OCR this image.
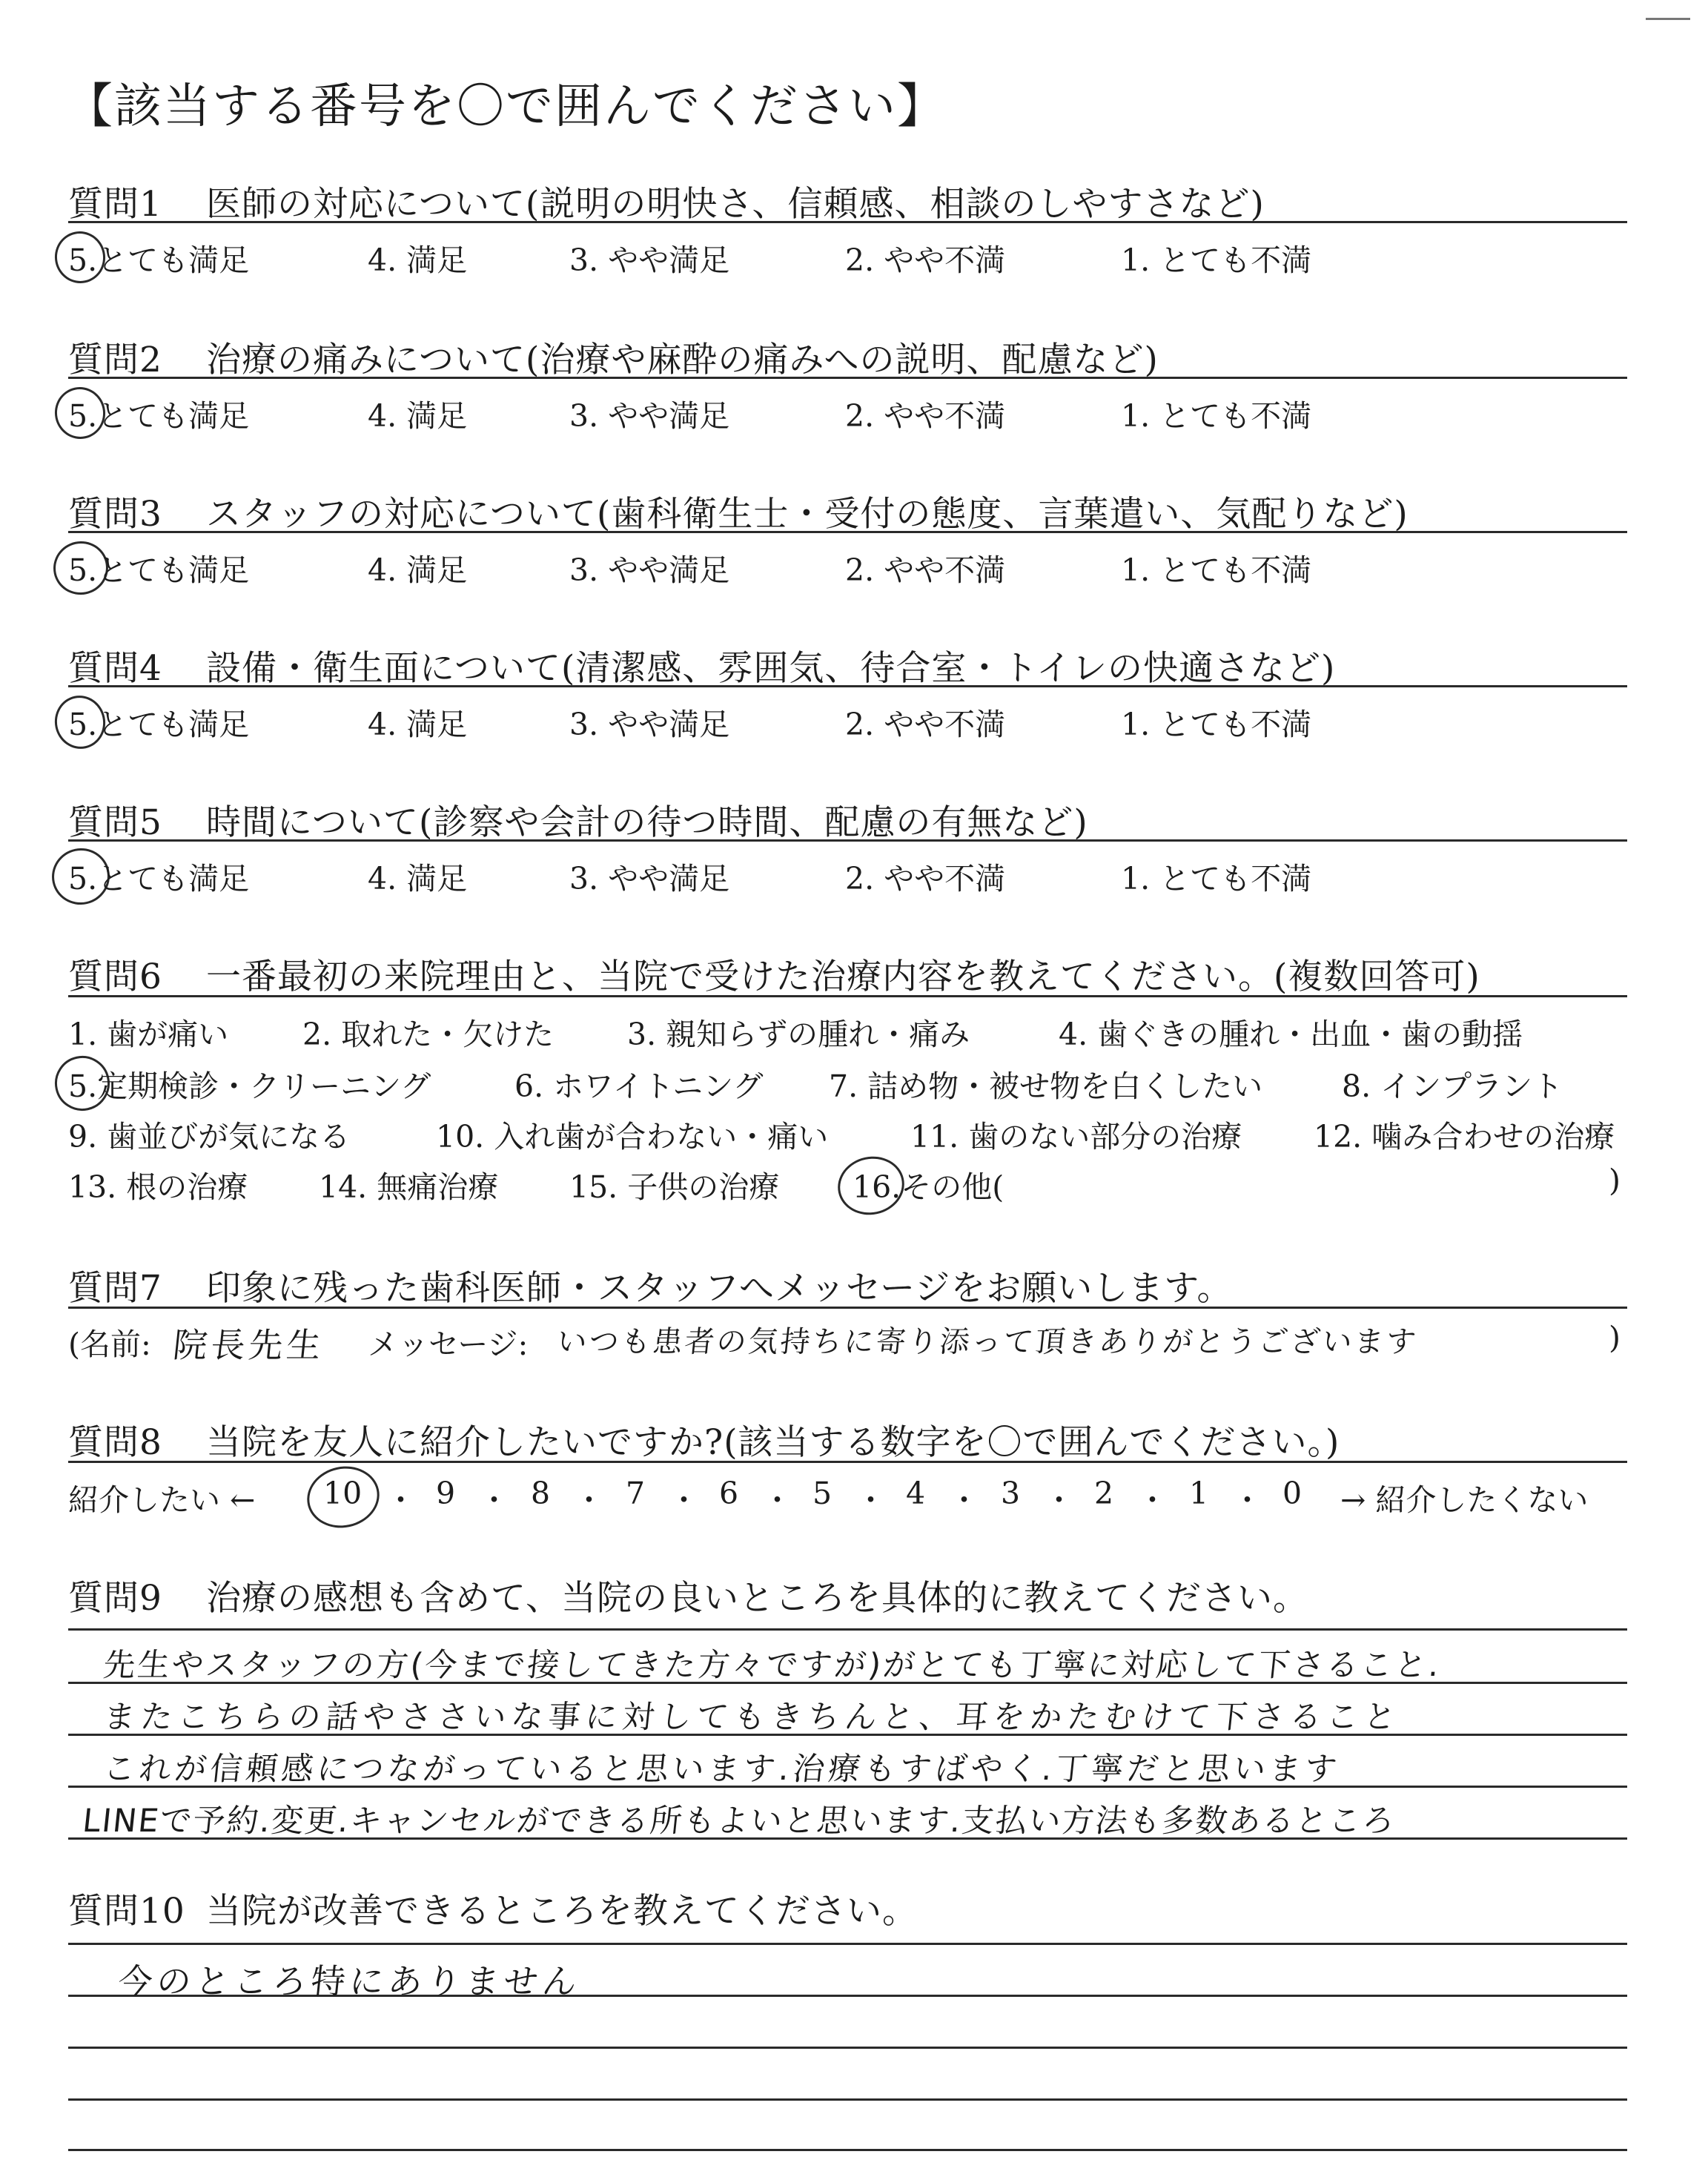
【該当する番号を〇で囲んでください】
質問1 医師の対応について(説明の明快さ、信頼感、相談のしやすさなど)
5.とても満足	4. 満足	3. やや満足	2. やや不満	1. とても不満
質問2 治療の痛みについて(治療や麻酔の痛みへの説明、配慮など)
5.とても満足	4. 満足	3. やや満足	2. やや不満	1. とても不満
質問3 スタッフの対応について(歯科衛生士・受付の態度、言葉遣い、気配りなど)
5.とても満足	4. 満足	3. やや満足	2. やや不満	1. とても不満
質問4 設備・衛生面について(清潔感、雰囲気、待合室・トイレの快適さなど)
5.とても満足	4. 満足	3. やや満足	2. やや不満	1. とても不満
質問5 時間について(診察や会計の待つ時間、配慮の有無など)
5.とても満足	4. 満足	3. やや満足	2. やや不満	1. とても不満
質問6 一番最初の来院理由と、当院で受けた治療内容を教えてください。(複数回答可)
1. 歯が痛い 2. 取れた・欠けた 3. 親知らずの腫れ・痛み	4. 歯ぐきの腫れ・出血・歯の動揺
5.定期検診・クリーニング	6. ホワイトニング 7. 詰め物・被せ物を白くしたい	8. インプラント
9. 歯並びが気になる	10. 入れ歯が合わない・痛い	11. 歯のない部分の治療 12. 噛み合わせの治療
13. 根の治療 14. 無痛治療 15. 子供の治療 16.その他(	)
質問7 印象に残った歯科医師・スタッフへメッセージをお願いします。
(名前: 院長先生 メッセージ: いつも患者の気持ちに寄り添って頂きありがとうございます	)
質問8 当院を友人に紹介したいですか?(該当する数字を〇で囲んでください。)
紹介したい ← 10 ・ 9 ・ 8 ・ 7 ・ 6 ・ 5 ・ 4 ・ 3 ・ 2 ・ 1 ・ 0 → 紹介したくない
質問9 治療の感想も含めて、当院の良いところを具体的に教えてください。
先生やスタッフの方(今まで接してきた方々ですが)がとても丁寧に対応して下さること.
またこちらの話やささいな事に対してもきちんと、耳をかたむけて下さること
これが信頼感につながっていると思います.治療もすばやく.丁寧だと思います
LINEで予約.変更.キャンセルができる所もよいと思います.支払い方法も多数あるところ
質問10 当院が改善できるところを教えてください。
今のところ特にありません
